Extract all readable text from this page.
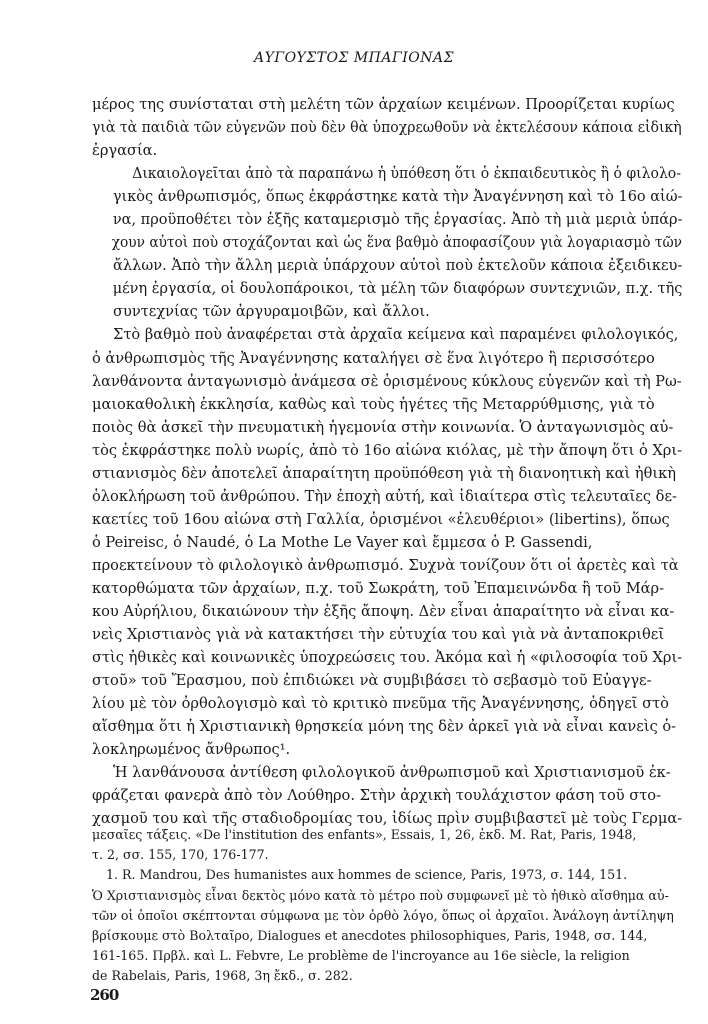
ΑΥΓΟΥΣΤΟΣ ΜΠΑΓΙΟΝΑΣ

μέρος της συνίσταται στὴ μελέτη τῶν ἀρχαίων κειμένων. Προορίζεται κυρίως
γιὰ τὰ παιδιὰ τῶν εὐγενῶν ποὺ δὲν θὰ ὑποχρεωθοῦν νὰ ἐκτελέσουν κάποια εἰδικὴ
ἐργασία.

Δικαιολογεῖται ἀπὸ τὰ παραπάνω ἡ ὑπόθεση ὅτι ὁ ἐκπαιδευτικὸς ἢ ὁ φιλολο-
γικὸς ἀνθρωπισμός, ὅπως ἐκφράστηκε κατὰ τὴν Ἀναγέννηση καὶ τὸ 16ο αἰώ-
να, προϋποθέτει τὸν ἑξῆς καταμερισμὸ τῆς ἐργασίας. Ἀπὸ τὴ μιὰ μεριὰ ὑπάρ-
χουν αὐτοὶ ποὺ στοχάζονται καὶ ὡς ἕνα βαθμὸ ἀποφασίζουν γιὰ λογαριασμὸ τῶν
ἄλλων. Ἀπὸ τὴν ἄλλη μεριὰ ὑπάρχουν αὐτοὶ ποὺ ἐκτελοῦν κάποια ἐξειδικευ-
μένη ἐργασία, οἱ δουλοπάροικοι, τὰ μέλη τῶν διαφόρων συντεχνιῶν, π.χ. τῆς
συντεχνίας τῶν ἀργυραμοιβῶν, καὶ ἄλλοι.

Στὸ βαθμὸ ποὺ ἀναφέρεται στὰ ἀρχαῖα κείμενα καὶ παραμένει φιλολογικός,
ὁ ἀνθρωπισμὸς τῆς Ἀναγέννησης καταλήγει σὲ ἕνα λιγότερο ἢ περισσότερο
λανθάνοντα ἀνταγωνισμὸ ἀνάμεσα σὲ ὁρισμένους κύκλους εὐγενῶν καὶ τὴ Ρω-
μαιοκαθολικὴ ἐκκλησία, καθὼς καὶ τοὺς ἡγέτες τῆς Μεταρρύθμισης, γιὰ τὸ
ποιὸς θὰ ἀσκεῖ τὴν πνευματικὴ ἡγεμονία στὴν κοινωνία. Ὁ ἀνταγωνισμὸς αὐ-
τὸς ἐκφράστηκε πολὺ νωρίς, ἀπὸ τὸ 16ο αἰώνα κιόλας, μὲ τὴν ἄποψη ὅτι ὁ Χρι-
στιανισμὸς δὲν ἀποτελεῖ ἀπαραίτητη προϋπόθεση γιὰ τὴ διανοητικὴ καὶ ἠθικὴ
ὁλοκλήρωση τοῦ ἀνθρώπου. Τὴν ἐποχὴ αὐτή, καὶ ἰδιαίτερα στὶς τελευταῖες δε-
καετίες τοῦ 16ου αἰώνα στὴ Γαλλία, ὁρισμένοι «ἐλευθέριοι» (libertins), ὅπως
ὁ Peireisc, ὁ Naudé, ὁ La Mothe Le Vayer καὶ ἔμμεσα ὁ P. Gassendi,
προεκτείνουν τὸ φιλολογικὸ ἀνθρωπισμό. Συχνὰ τονίζουν ὅτι οἱ ἀρετὲς καὶ τὰ
κατορθώματα τῶν ἀρχαίων, π.χ. τοῦ Σωκράτη, τοῦ Ἐπαμεινώνδα ἢ τοῦ Μάρ-
κου Αὐρήλιου, δικαιώνουν τὴν ἑξῆς ἄποψη. Δὲν εἶναι ἀπαραίτητο νὰ εἶναι κα-
νεὶς Χριστιανὸς γιὰ νὰ κατακτήσει τὴν εὐτυχία του καὶ γιὰ νὰ ἀνταποκριθεῖ
στὶς ἠθικὲς καὶ κοινωνικὲς ὑποχρεώσεις του. Ἀκόμα καὶ ἡ «φιλοσοφία τοῦ Χρι-
στοῦ» τοῦ Ἔρασμου, ποὺ ἐπιδιώκει νὰ συμβιβάσει τὸ σεβασμὸ τοῦ Εὐαγγε-
λίου μὲ τὸν ὀρθολογισμὸ καὶ τὸ κριτικὸ πνεῦμα τῆς Ἀναγέννησης, ὁδηγεῖ στὸ
αἴσθημα ὅτι ἡ Χριστιανικὴ θρησκεία μόνη της δὲν ἀρκεῖ γιὰ νὰ εἶναι κανεὶς ὁ-
λοκληρωμένος ἄνθρωπος¹.

Ἡ λανθάνουσα ἀντίθεση φιλολογικοῦ ἀνθρωπισμοῦ καὶ Χριστιανισμοῦ ἐκ-
φράζεται φανερὰ ἀπὸ τὸν Λούθηρο. Στὴν ἀρχικὴ τουλάχιστον φάση τοῦ στο-
χασμοῦ του καὶ τῆς σταδιοδρομίας του, ἰδίως πρὶν συμβιβαστεῖ μὲ τοὺς Γερμα-

μεσαῖες τάξεις. «De l'institution des enfants», Essais, 1, 26, ἐκδ. M. Rat, Paris, 1948,
τ. 2, σσ. 155, 170, 176-177.

1. R. Mandrou, Des humanistes aux hommes de science, Paris, 1973, σ. 144, 151.
Ὁ Χριστιανισμὸς εἶναι δεκτὸς μόνο κατὰ τὸ μέτρο ποὺ συμφωνεῖ μὲ τὸ ἠθικὸ αἴσθημα αὐ-
τῶν οἱ ὁποῖοι σκέπτονται σύμφωνα με τὸν ὀρθὸ λόγο, ὅπως οἱ ἀρχαῖοι. Ἀνάλογη ἀντίληψη
βρίσκουμε στὸ Βολταῖρο, Dialogues et anecdotes philosophiques, Paris, 1948, σσ. 144,
161-165. Πρβλ. καὶ L. Febvre, Le problème de l'incroyance au 16e siècle, la religion
de Rabelais, Paris, 1968, 3η ἔκδ., σ. 282.

260
